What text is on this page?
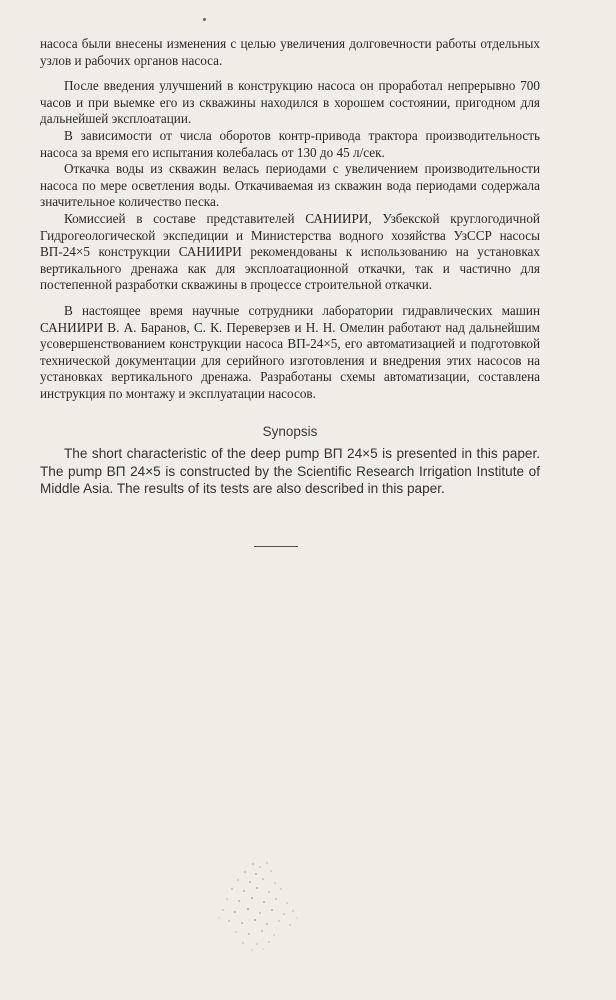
насоса были внесены изменения с целью увеличения долговечности работы отдельных узлов и рабочих органов насоса.

После введения улучшений в конструкцию насоса он проработал непрерывно 700 часов и при выемке его из скважины находился в хорошем состоянии, пригодном для дальнейшей эксплоатации.

В зависимости от числа оборотов контр-привода трактора производительность насоса за время его испытания колебалась от 130 до 45 л/сек.

Откачка воды из скважин велась периодами с увеличением производительности насоса по мере осветления воды. Откачиваемая из скважин вода периодами содержала значительное количество песка.

Комиссией в составе представителей САНИИРИ, Узбекской круглогодичной Гидрогеологической экспедиции и Министерства водного хозяйства УзССР насосы ВП-24×5 конструкции САНИИРИ рекомендованы к использованию на установках вертикального дренажа как для эксплоатационной откачки, так и частично для постепенной разработки скважины в процессе строительной откачки.

В настоящее время научные сотрудники лаборатории гидравлических машин САНИИРИ В. А. Баранов, С. К. Переверзев и Н. Н. Омелин работают над дальнейшим усовершенствованием конструкции насоса ВП-24×5, его автоматизацией и подготовкой технической документации для серийного изготовления и внедрения этих насосов на установках вертикального дренажа. Разработаны схемы автоматизации, составлена инструкция по монтажу и эксплуатации насосов.

Synopsis

The short characteristic of the deep pump ВП 24×5 is presented in this paper. The pump ВП 24×5 is constructed by the Scientific Research Irrigation Institute of Middle Asia. The results of its tests are also described in this paper.
